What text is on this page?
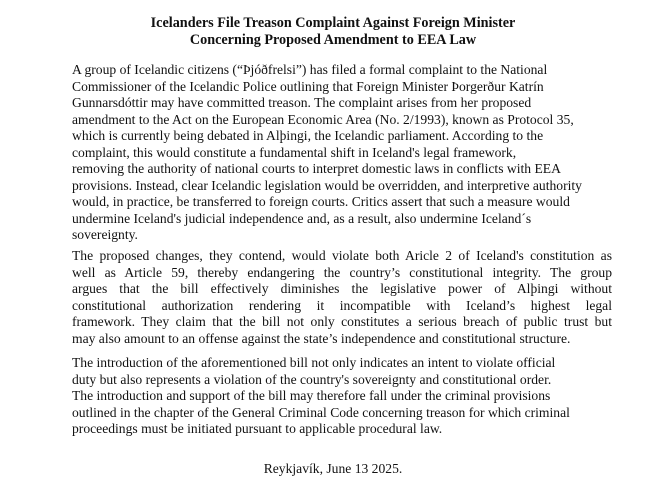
Icelanders File Treason Complaint Against Foreign Minister
Concerning Proposed Amendment to EEA Law
A group of Icelandic citizens (“Þjóðfrelsi”) has filed a formal complaint to the National
Commissioner of the Icelandic Police outlining that Foreign Minister Þorgerður Katrín
Gunnarsdóttir may have committed treason. The complaint arises from her proposed
amendment to the Act on the European Economic Area (No. 2/1993), known as Protocol 35,
which is currently being debated in Alþingi, the Icelandic parliament. According to the
complaint, this would constitute a fundamental shift in Iceland's legal framework,
removing the authority of national courts to interpret domestic laws in conflicts with EEA
provisions. Instead, clear Icelandic legislation would be overridden, and interpretive authority
would, in practice, be transferred to foreign courts. Critics assert that such a measure would
undermine Iceland's judicial independence and, as a result, also undermine Iceland´s
sovereignty.
The proposed changes, they contend, would violate both Aricle 2 of Iceland's constitution as
well as Article 59, thereby endangering the country’s constitutional integrity. The group
argues that the bill effectively diminishes the legislative power of Alþingi without
constitutional authorization rendering it incompatible with Iceland’s highest legal
framework. They claim that the bill not only constitutes a serious breach of public trust but
may also amount to an offense against the state’s independence and constitutional structure.
The introduction of the aforementioned bill not only indicates an intent to violate official
duty but also represents a violation of the country's sovereignty and constitutional order.
The introduction and support of the bill may therefore fall under the criminal provisions
outlined in the chapter of the General Criminal Code concerning treason for which criminal
proceedings must be initiated pursuant to applicable procedural law.
Reykjavík, June 13 2025.
